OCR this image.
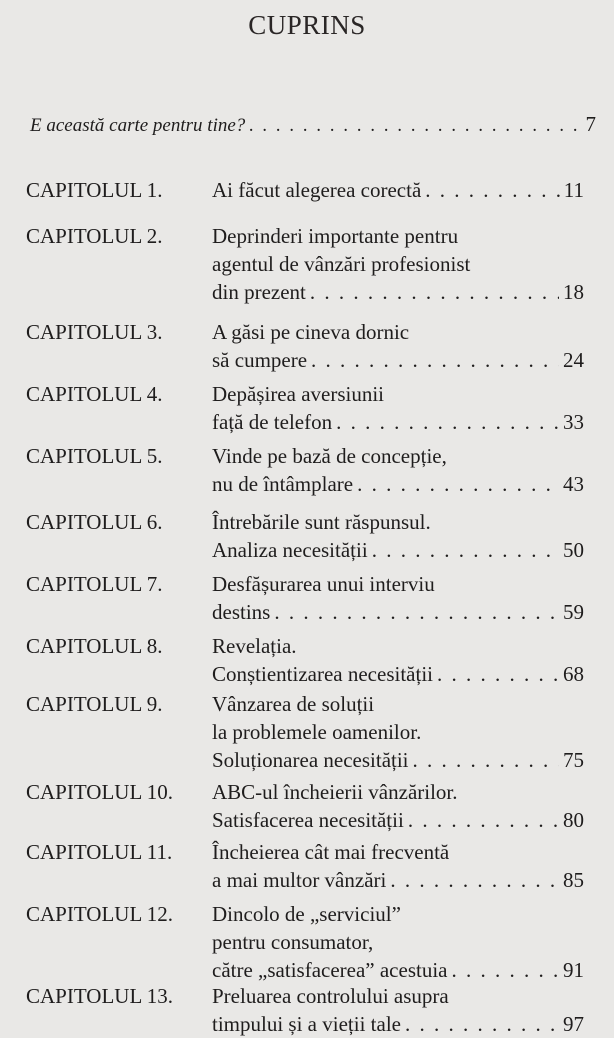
CUPRINS
E această carte pentru tine? . . .	7
CAPITOLUL 1. Ai făcut alegerea corectă . . .	11
CAPITOLUL 2. Deprinderi importante pentru
agentul de vânzări profesionist
din prezent . . .	18
CAPITOLUL 3. A găsi pe cineva dornic
să cumpere . . .	24
CAPITOLUL 4. Depășirea aversiunii
față de telefon . . .	33
CAPITOLUL 5. Vinde pe bază de concepție,
nu de întâmplare . . .	43
CAPITOLUL 6. Întrebările sunt răspunsul.
Analiza necesității . . .	50
CAPITOLUL 7. Desfășurarea unui interviu
destins . . .	59
CAPITOLUL 8. Revelația.
Conștientizarea necesității . . .	68
CAPITOLUL 9. Vânzarea de soluții
la problemele oamenilor.
Soluționarea necesității . . .	75
CAPITOLUL 10. ABC-ul încheierii vânzărilor.
Satisfacerea necesității . . .	80
CAPITOLUL 11. Încheierea cât mai frecventă
a mai multor vânzări . . .	85
CAPITOLUL 12. Dincolo de „serviciul”
pentru consumator,
către „satisfacerea” acestuia . . .	91
CAPITOLUL 13. Preluarea controlului asupra
timpului și a vieții tale . . .	97
